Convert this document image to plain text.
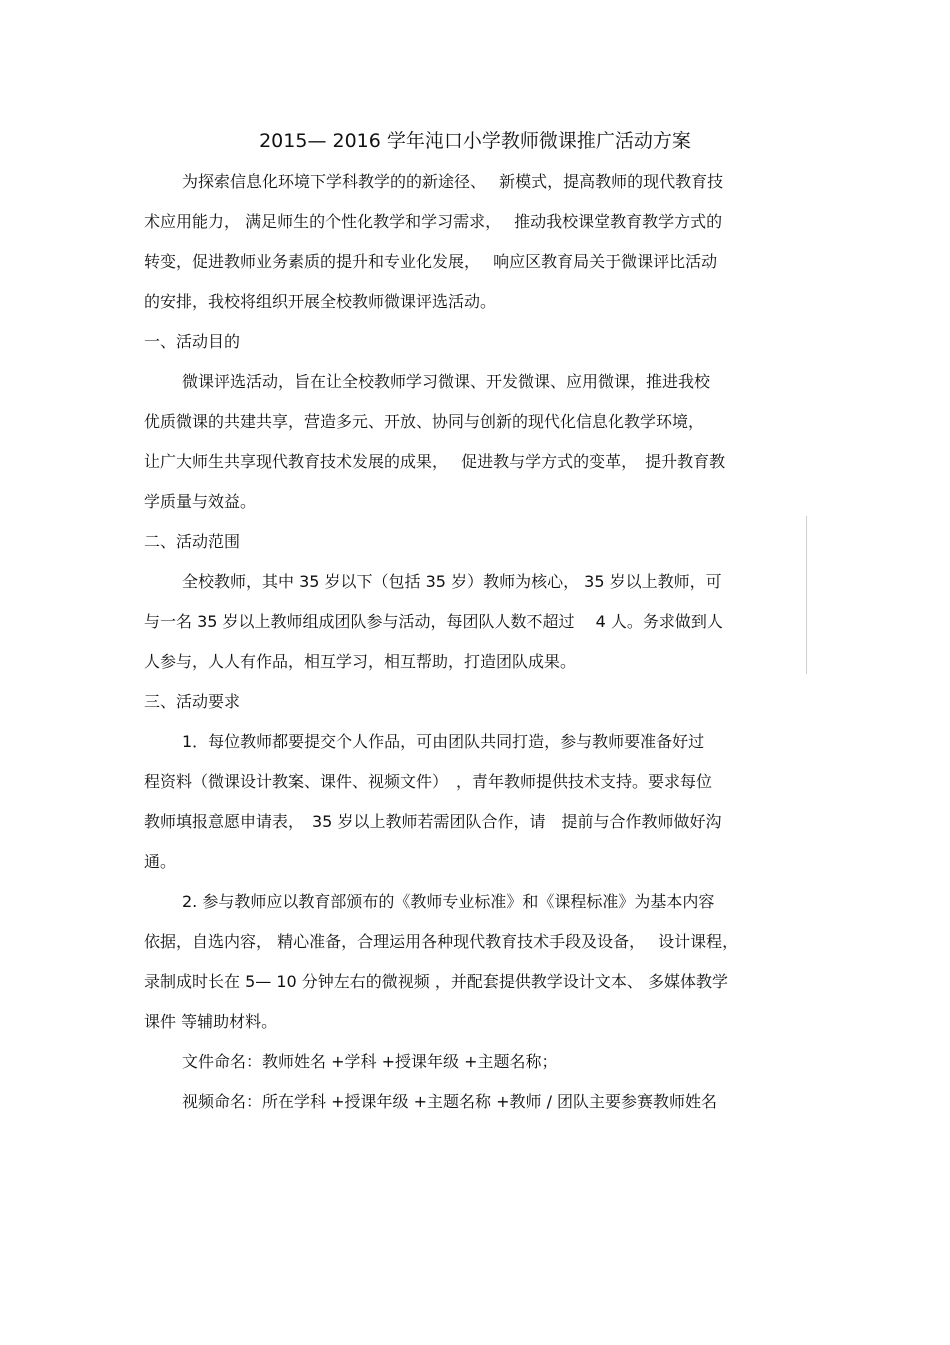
2015— 2016 学年沌口小学教师微课推广活动方案
为探索信息化环境下学科教学的的新途径、　 新模式，提高教师的现代教育技
术应用能力， 满足师生的个性化教学和学习需求，　 推动我校课堂教育教学方式的
转变，促进教师业务素质的提升和专业化发展，　 响应区教育局关于微课评比活动
的安排，我校将组织开展全校教师微课评选活动。
一、活动目的
微课评选活动，旨在让全校教师学习微课、开发微课、应用微课，推进我校
优质微课的共建共享，营造多元、开放、协同与创新的现代化信息化教学环境，
让广大师生共享现代教育技术发展的成果，　 促进教与学方式的变革，　提升教育教
学质量与效益。
二、活动范围
全校教师，其中 35 岁以下（包括 35 岁）教师为核心， 35 岁以上教师，可
与一名 35 岁以上教师组成团队参与活动，每团队人数不超过　 4 人。务求做到人
人参与，人人有作品，相互学习，相互帮助，打造团队成果。
三、活动要求
1．每位教师都要提交个人作品，可由团队共同打造，参与教师要准备好过
程资料（微课设计教案、课件、视频文件）　，青年教师提供技术支持。要求每位
教师填报意愿申请表，　35 岁以上教师若需团队合作，请　提前与合作教师做好沟
通。
2. 参与教师应以教育部颁布的《教师专业标准》和《课程标准》为基本内容
依据，自选内容， 精心准备，合理运用各种现代教育技术手段及设备，　 设计课程，
录制成时长在 5— 10 分钟左右的微视频 ，并配套提供教学设计文本、 多媒体教学
课件 等辅助材料。
文件命名：教师姓名 +学科 +授课年级 +主题名称；
视频命名：所在学科 +授课年级 +主题名称 +教师 / 团队主要参赛教师姓名
